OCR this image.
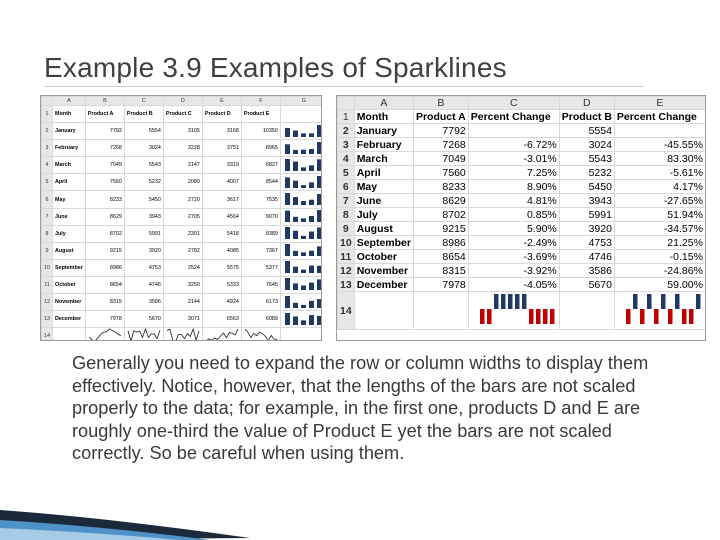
Example 3.9 Examples of Sparklines
	A	B	C	D	E	F	G
1	Month	Product A	Product B	Product C	Product D	Product E	
2	January	7792	5554	3105	3168	10350	
3	February	7268	3024	3228	3751	8965	
4	March	7049	5543	2147	3319	6827	
5	April	7560	5232	2080	4007	8544	
6	May	8233	5450	2720	3617	7535	
7	June	8629	3943	2705	4564	9070	
8	July	8702	5991	2301	5418	8389	
9	August	9215	3920	2782	4085	7367	
10	September	8986	4753	2524	5575	5377	
11	October	8654	4746	3250	5333	7645	
12	November	8315	3586	2144	4924	6173	
13	December	7978	5670	3071	6563	6089	
14							
	A	B	C	D	E
1	Month	Product A	Percent Change	Product B	Percent Change
2	January	7792		5554	
3	February	7268	-6.72%	3024	-45.55%
4	March	7049	-3.01%	5543	83.30%
5	April	7560	7.25%	5232	-5.61%
6	May	8233	8.90%	5450	4.17%
7	June	8629	4.81%	3943	-27.65%
8	July	8702	0.85%	5991	51.94%
9	August	9215	5.90%	3920	-34.57%
10	September	8986	-2.49%	4753	21.25%
11	October	8654	-3.69%	4746	-0.15%
12	November	8315	-3.92%	3586	-24.86%
13	December	7978	-4.05%	5670	59.00%
14					
Generally you need to expand the row or column widths to display them effectively. Notice, however, that the lengths of the bars are not scaled properly to the data; for example, in the first one, products D and E are roughly one-third the value of Product E yet the bars are not scaled correctly. So be careful when using them.
